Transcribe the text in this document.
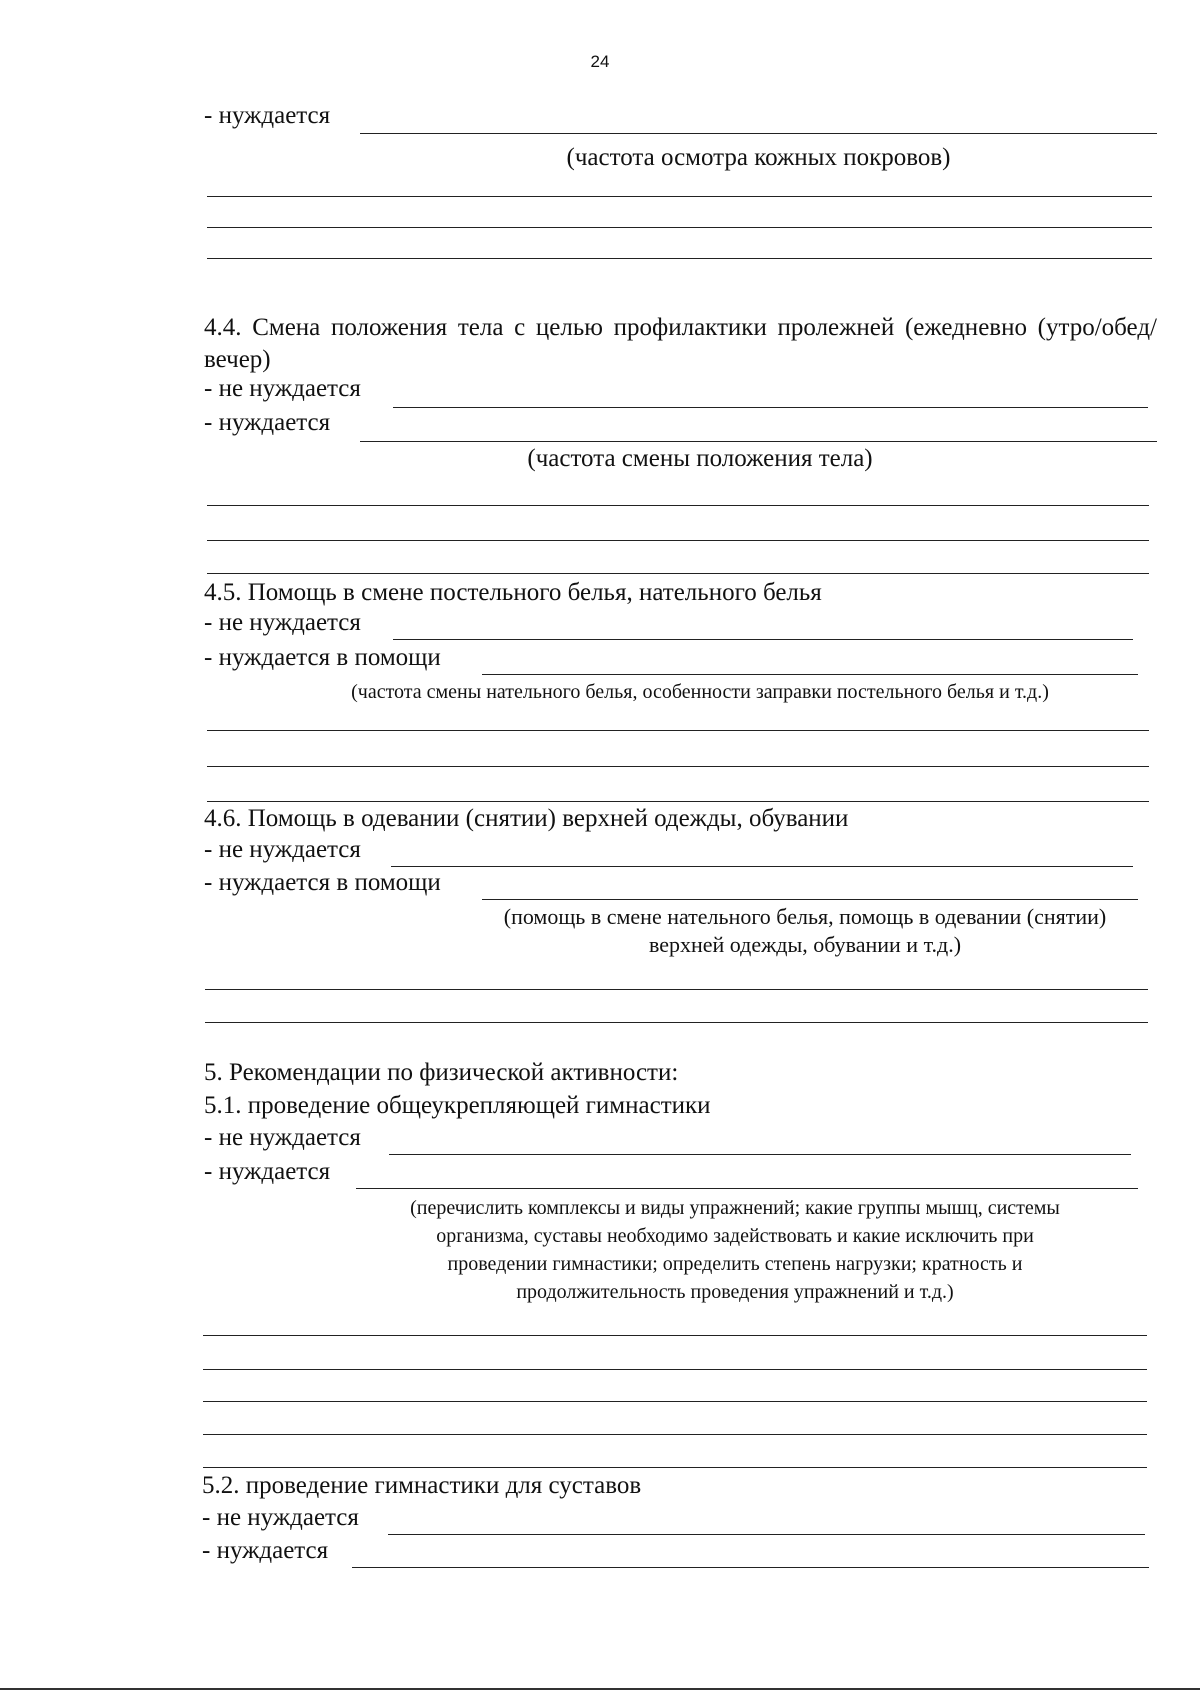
24
- нуждается
(частота осмотра кожных покровов)
4.4. Смена положения тела с целью профилактики пролежней (ежедневно (утро/обед/вечер)
- не нуждается
- нуждается
(частота смены положения тела)
4.5. Помощь в смене постельного белья, нательного белья
- не нуждается
- нуждается в помощи
(частота смены нательного белья, особенности заправки постельного белья и т.д.)
4.6. Помощь в одевании (снятии) верхней одежды, обувании
- не нуждается
- нуждается в помощи
(помощь в смене нательного белья, помощь в одевании (снятии)
верхней одежды, обувании и т.д.)
5. Рекомендации по физической активности:
5.1. проведение общеукрепляющей гимнастики
- не нуждается
- нуждается
(перечислить комплексы и виды упражнений; какие группы мышц, системы
организма, суставы необходимо задействовать и какие исключить при
проведении гимнастики; определить степень нагрузки; кратность и
продолжительность проведения упражнений и т.д.)
5.2. проведение гимнастики для суставов
- не нуждается
- нуждается
